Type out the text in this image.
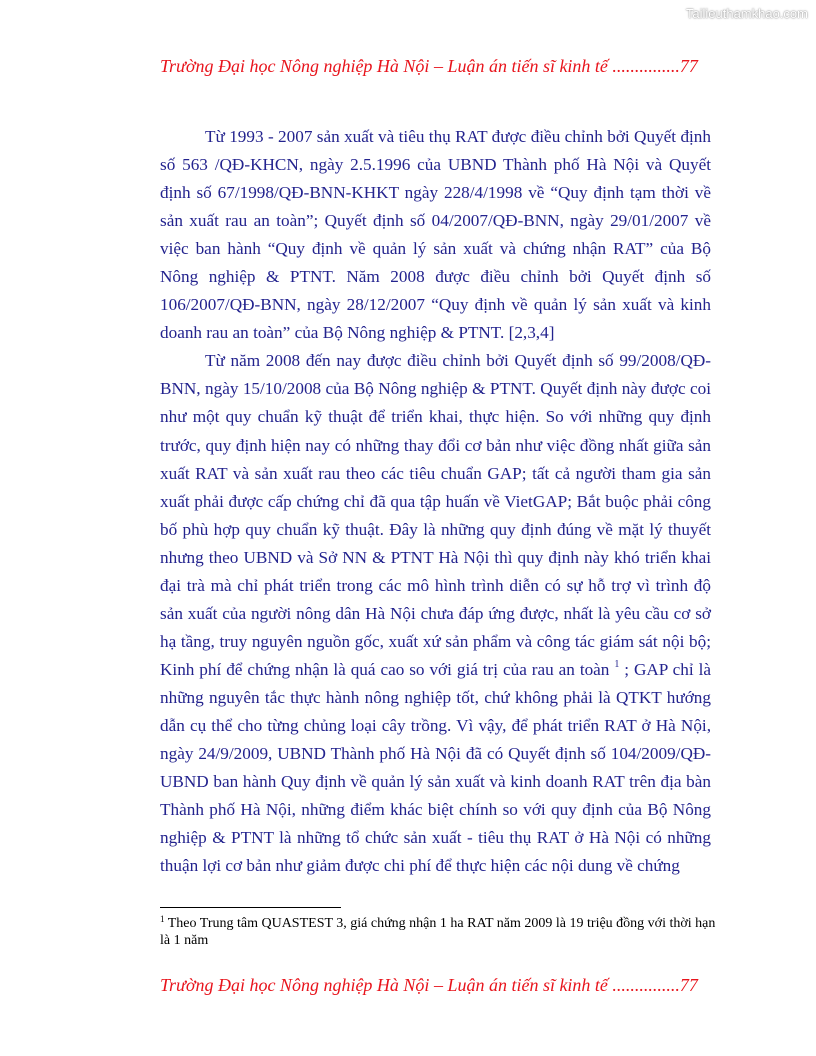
Tailieuthamkhao.com
Trường Đại học Nông nghiệp Hà Nội – Luận án tiến sĩ kinh tế ...............77

Từ 1993 - 2007 sản xuất và tiêu thụ RAT được điều chỉnh bởi Quyết định số 563 /QĐ-KHCN, ngày 2.5.1996 của UBND Thành phố Hà Nội và Quyết định số 67/1998/QĐ-BNN-KHKT ngày 228/4/1998 về “Quy định tạm thời về sản xuất rau an toàn”; Quyết định số 04/2007/QĐ-BNN, ngày 29/01/2007 về việc ban hành “Quy định về quản lý sản xuất và chứng nhận RAT” của Bộ Nông nghiệp & PTNT. Năm 2008 được điều chỉnh bởi Quyết định số 106/2007/QĐ-BNN, ngày 28/12/2007 “Quy định về quản lý sản xuất và kinh doanh rau an toàn” của Bộ Nông nghiệp & PTNT. [2,3,4]

Từ năm 2008 đến nay được điều chỉnh bởi Quyết định số 99/2008/QĐ-BNN, ngày 15/10/2008 của Bộ Nông nghiệp & PTNT. Quyết định này được coi như một quy chuẩn kỹ thuật để triển khai, thực hiện. So với những quy định trước, quy định hiện nay có những thay đổi cơ bản như việc đồng nhất giữa sản xuất RAT và sản xuất rau theo các tiêu chuẩn GAP; tất cả người tham gia sản xuất phải được cấp chứng chỉ đã qua tập huấn về VietGAP; Bắt buộc phải công bố phù hợp quy chuẩn kỹ thuật. Đây là những quy định đúng về mặt lý thuyết nhưng theo UBND và Sở NN & PTNT Hà Nội thì quy định này khó triển khai đại trà mà chỉ phát triển trong các mô hình trình diễn có sự hỗ trợ vì trình độ sản xuất của người nông dân Hà Nội chưa đáp ứng được, nhất là yêu cầu cơ sở hạ tầng, truy nguyên nguồn gốc, xuất xứ sản phẩm và công tác giám sát nội bộ; Kinh phí để chứng nhận là quá cao so với giá trị của rau an toàn $^1$ ; GAP chỉ là những nguyên tắc thực hành nông nghiệp tốt, chứ không phải là QTKT hướng dẫn cụ thể cho từng chủng loại cây trồng. Vì vậy, để phát triển RAT ở Hà Nội, ngày 24/9/2009, UBND Thành phố Hà Nội đã có Quyết định số 104/2009/QĐ-UBND ban hành Quy định về quản lý sản xuất và kinh doanh RAT trên địa bàn Thành phố Hà Nội, những điểm khác biệt chính so với quy định của Bộ Nông nghiệp & PTNT là những tổ chức sản xuất - tiêu thụ RAT ở Hà Nội có những thuận lợi cơ bản như giảm được chi phí để thực hiện các nội dung về chứng

$^1$ Theo Trung tâm QUASTEST 3, giá chứng nhận 1 ha RAT năm 2009 là 19 triệu đồng với thời hạn là 1 năm
Trường Đại học Nông nghiệp Hà Nội – Luận án tiến sĩ kinh tế ...............77
